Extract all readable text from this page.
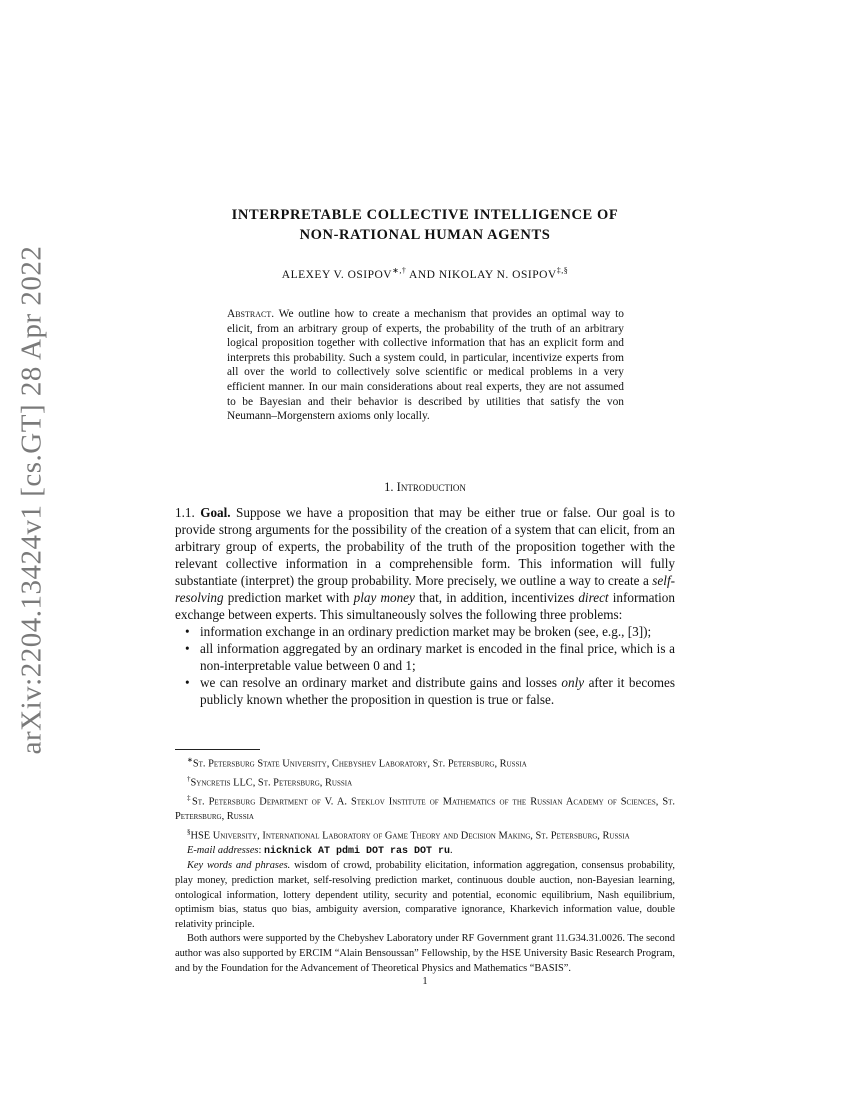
arXiv:2204.13424v1 [cs.GT] 28 Apr 2022
INTERPRETABLE COLLECTIVE INTELLIGENCE OF
NON-RATIONAL HUMAN AGENTS
ALEXEY V. OSIPOV∗,† AND NIKOLAY N. OSIPOV‡,§
Abstract. We outline how to create a mechanism that provides an optimal way to elicit, from an arbitrary group of experts, the probability of the truth of an arbitrary logical proposition together with collective information that has an explicit form and interprets this probability. Such a system could, in particular, incentivize experts from all over the world to collectively solve scientific or medical problems in a very efficient manner. In our main considerations about real experts, they are not assumed to be Bayesian and their behavior is described by utilities that satisfy the von Neumann–Morgenstern axioms only locally.
1. Introduction

1.1. Goal. Suppose we have a proposition that may be either true or false. Our goal is to provide strong arguments for the possibility of the creation of a system that can elicit, from an arbitrary group of experts, the probability of the truth of the proposition together with the relevant collective information in a comprehensible form. This information will fully substantiate (interpret) the group probability. More precisely, we outline a way to create a self-resolving prediction market with play money that, in addition, incentivizes direct information exchange between experts. This simultaneously solves the following three problems:

• information exchange in an ordinary prediction market may be broken (see, e.g., [3]);
• all information aggregated by an ordinary market is encoded in the final price, which is a non-interpretable value between 0 and 1;
• we can resolve an ordinary market and distribute gains and losses only after it becomes publicly known whether the proposition in question is true or false.

∗St. Petersburg State University, Chebyshev Laboratory, St. Petersburg, Russia

†Syncretis LLC, St. Petersburg, Russia

‡St. Petersburg Department of V. A. Steklov Institute of Mathematics of the Russian Academy of Sciences, St. Petersburg, Russia

§HSE University, International Laboratory of Game Theory and Decision Making, St. Petersburg, Russia

E-mail addresses: nicknick AT pdmi DOT ras DOT ru.

Key words and phrases. wisdom of crowd, probability elicitation, information aggregation, consensus probability, play money, prediction market, self-resolving prediction market, continuous double auction, non-Bayesian learning, ontological information, lottery dependent utility, security and potential, economic equilibrium, Nash equilibrium, optimism bias, status quo bias, ambiguity aversion, comparative ignorance, Kharkevich information value, double relativity principle.

Both authors were supported by the Chebyshev Laboratory under RF Government grant 11.G34.31.0026. The second author was also supported by ERCIM “Alain Bensoussan” Fellowship, by the HSE University Basic Research Program, and by the Foundation for the Advancement of Theoretical Physics and Mathematics “BASIS”.

1
